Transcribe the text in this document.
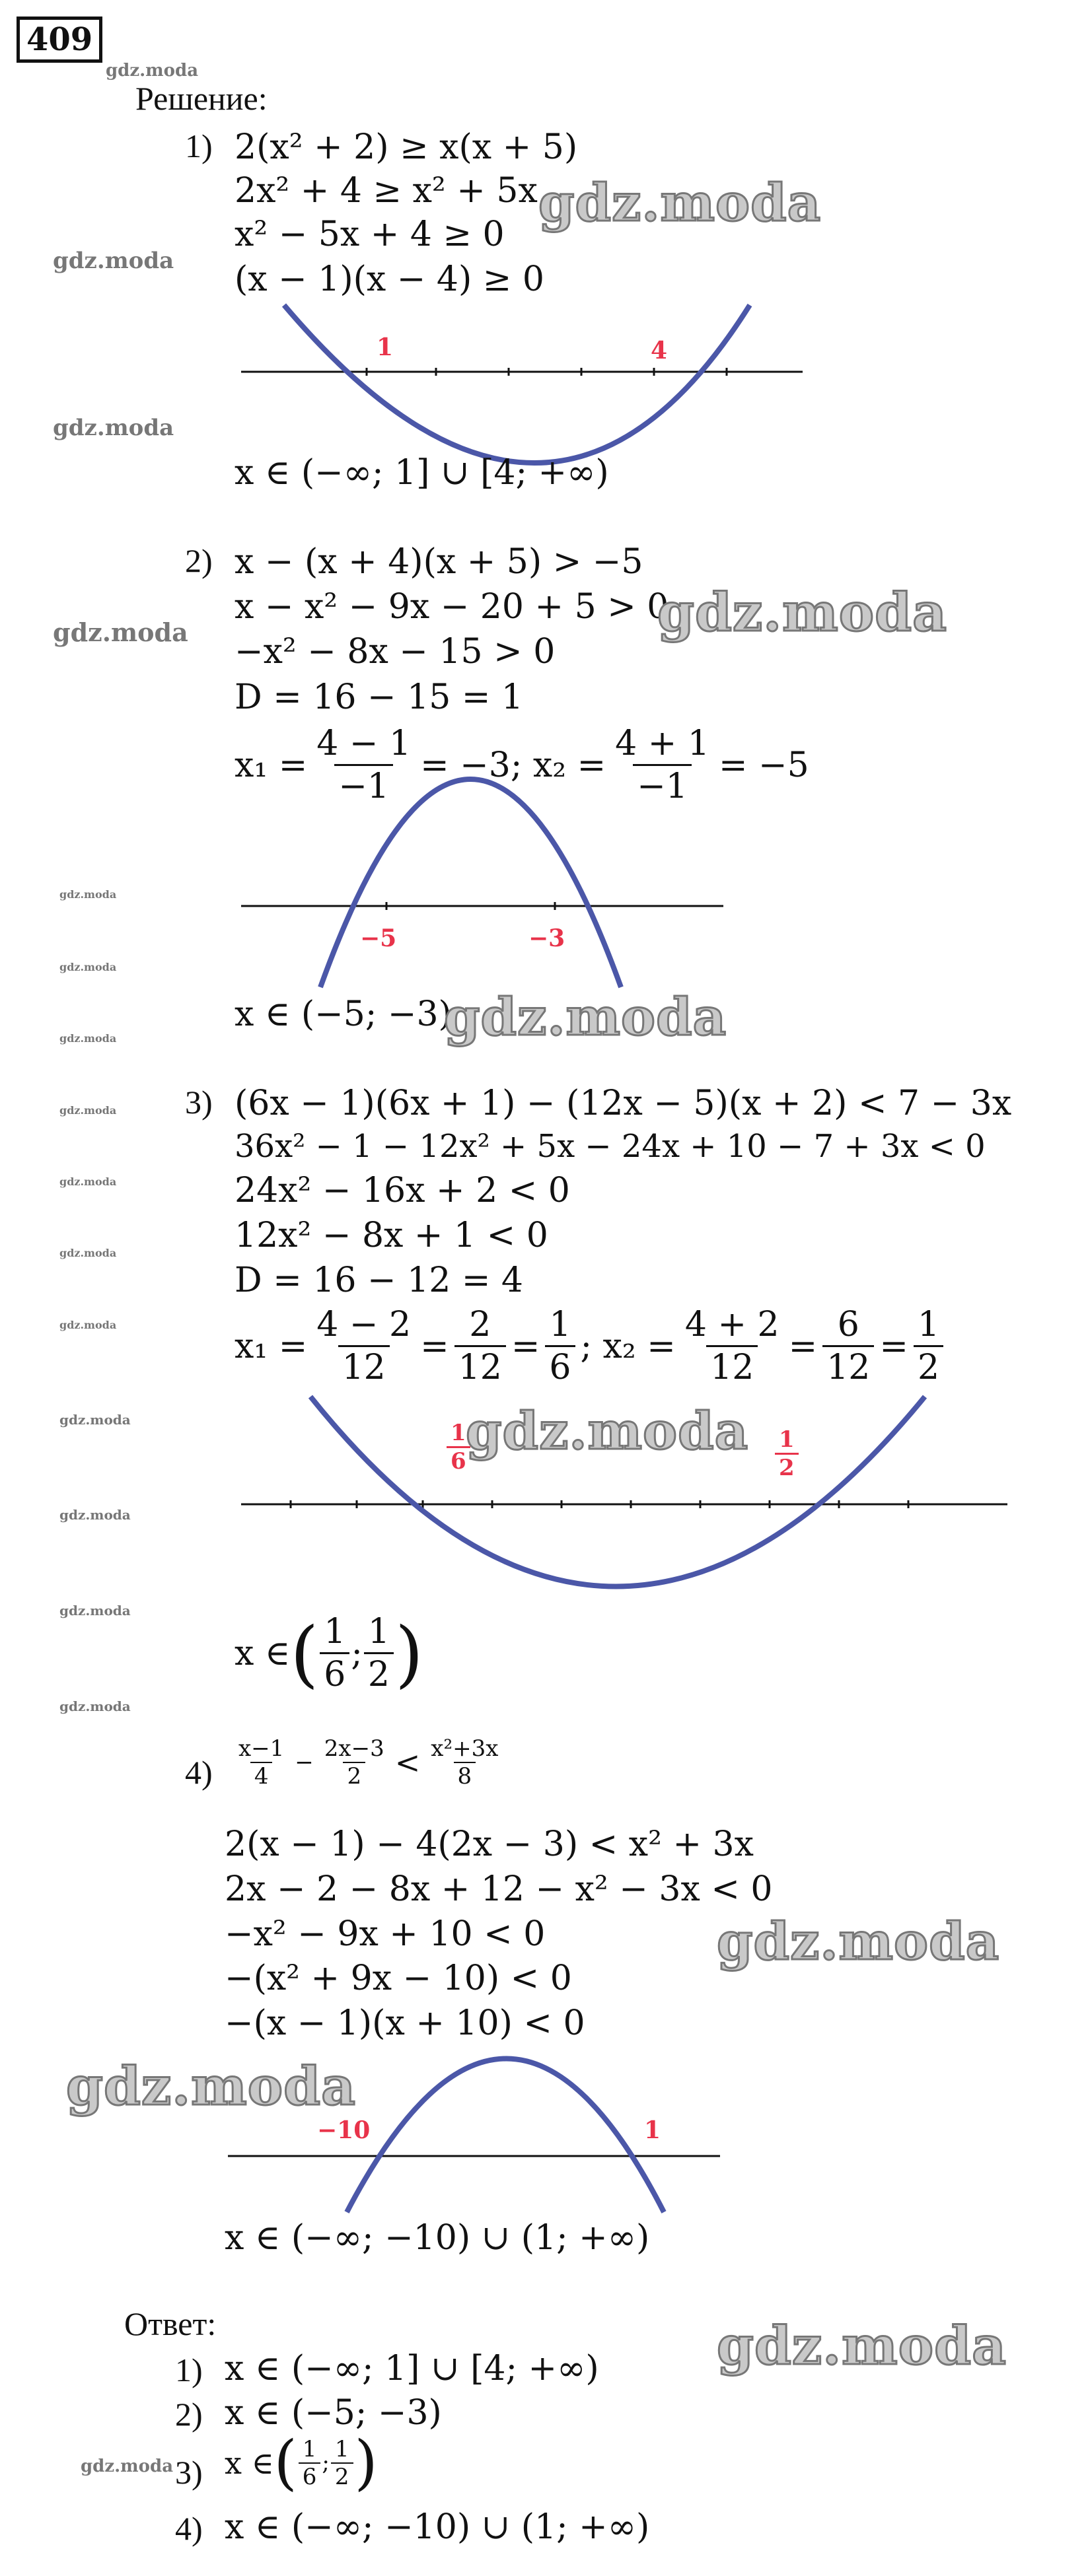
409
gdz.moda
Решение:
1) 2(x² + 2) ≥ x(x + 5)
2x² + 4 ≥ x² + 5x
x² − 5x + 4 ≥ 0
(x − 1)(x − 4) ≥ 0
1	4
x ∈ (−∞; 1] ∪ [4; +∞)
2) x − (x + 4)(x + 5) > −5
x − x² − 9x − 20 + 5 > 0
−x² − 8x − 15 > 0
D = 16 − 15 = 1
$x_1 = \frac{4 - 1}{-1} = -3$; $x_2 = \frac{4 + 1}{-1} = -5$
−5	−3
x ∈ (−5; −3)
3) (6x − 1)(6x + 1) − (12x − 5)(x + 2) < 7 − 3x
36x² − 1 − 12x² + 5x − 24x + 10 − 7 + 3x < 0
24x² − 16x + 2 < 0
12x² − 8x + 1 < 0
D = 16 − 12 = 4
$x_1 = \frac{4 - 2}{12} = \frac{2}{12} = \frac{1}{6}$ ; $x_2 = \frac{4 + 2}{12} = \frac{6}{12} = \frac{1}{2}$
$\frac{1}{6}$	$\frac{1}{2}$
x ∈ ( $\frac{1}{6}$ ; $\frac{1}{2}$ )
$4) \frac{x-1}{4} - \frac{2x-3}{2} < \frac{\text{x²+3x}}{8}$
2(x − 1) − 4(2x − 3) < x² + 3x
2x − 2 − 8x + 12 − x² − 3x < 0
−x² − 9x + 10 < 0
−(x² + 9x − 10) < 0
−(x − 1)(x + 10) < 0
−10	1
x ∈ (−∞; −10) ∪ (1; +∞)
Ответ:
1) x ∈ (−∞; 1] ∪ [4; +∞)
2) x ∈ (−5; −3)
3) x ∈ ( $\frac{1}{6}$ ; $\frac{1}{2}$ )
4) x ∈ (−∞; −10) ∪ (1; +∞)
gdz.moda
gdz.moda
gdz.moda
gdz.moda
gdz.moda
gdz.moda
gdz.moda
gdz.moda
gdz.moda
gdz.moda
gdz.moda
gdz.moda
gdz.moda
gdz.moda	gdz.moda
gdz.moda
gdz.moda
gdz.moda
gdz.moda
gdz.moda
gdz.moda
gdz.moda
